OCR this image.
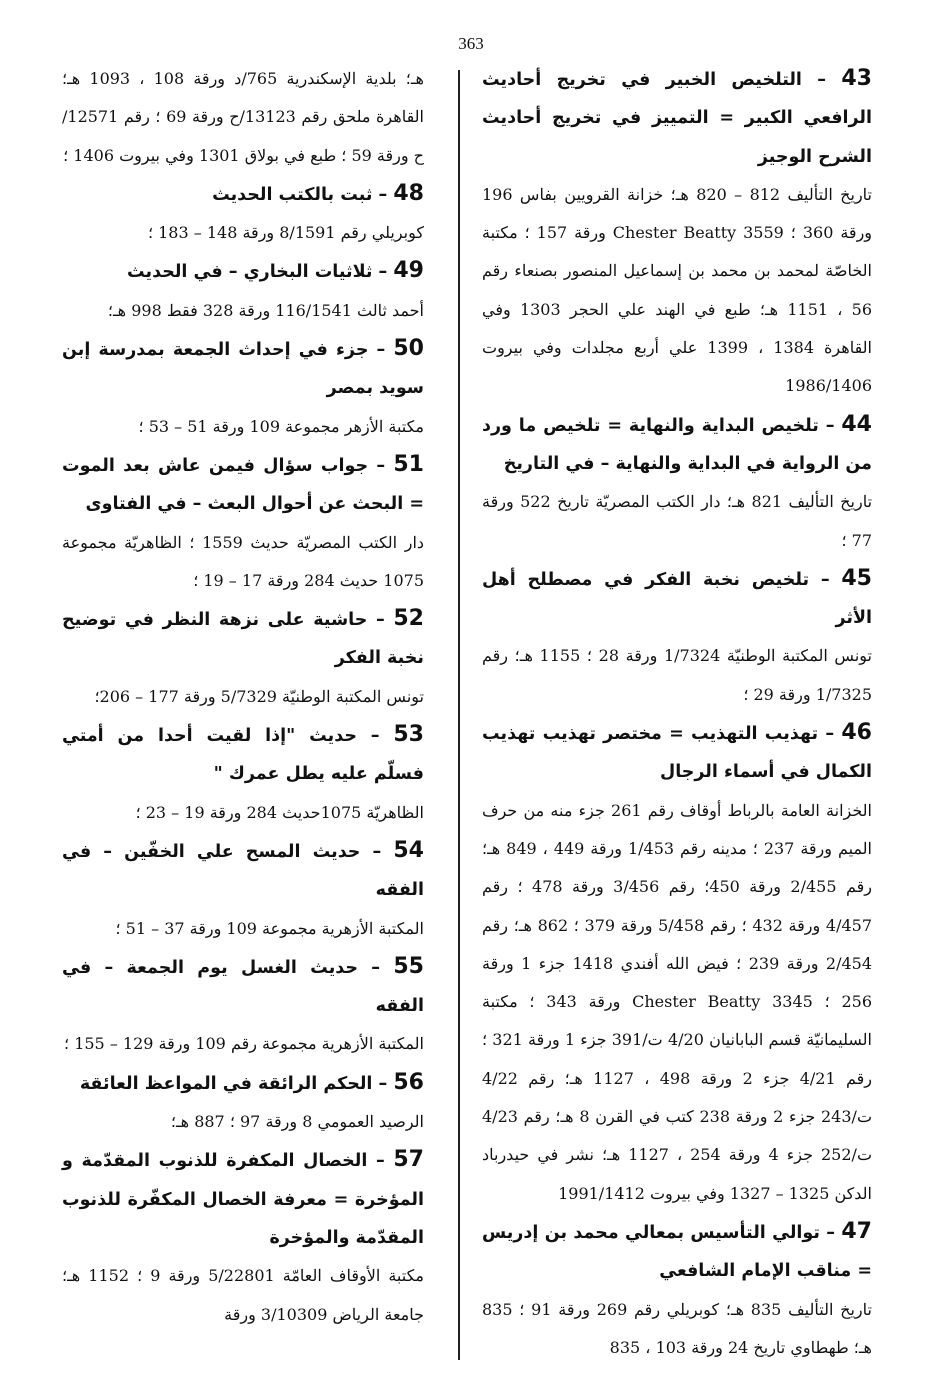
363

43 – التلخيص الخبير في تخريج أحاديث الرافعي الكبير = التمييز في تخريج أحاديث الشرح الوجيز

تاريخ التأليف 812 – 820 هـ؛ خزانة القرويين بفاس 196 ورقة 360 ؛ Chester Beatty 3559 ورقة 157 ؛ مكتبة الخاصّة لمحمد بن محمد بن إسماعيل المنصور بصنعاء رقم 56 ، 1151 هـ؛ طبع في الهند علي الحجر 1303 وفي القاهرة 1384 ، 1399 علي أربع مجلدات وفي بيروت 1986/1406

44 – تلخيص البداية والنهاية = تلخيص ما ورد من الرواية في البداية والنهاية – في التاريخ

تاريخ التأليف 821 هـ؛ دار الكتب المصريّة تاريخ 522 ورقة 77 ؛

45 – تلخيص نخبة الفكر في مصطلح أهل الأثر

تونس المكتبة الوطنيّة 1/7324 ورقة 28 ؛ 1155 هـ؛ رقم 1/7325 ورقة 29 ؛

46 – تهذيب التهذيب = مختصر تهذيب تهذيب الكمال في أسماء الرجال

الخزانة العامة بالرباط أوقاف رقم 261 جزء منه من حرف الميم ورقة 237 ؛ مدينه رقم 1/453 ورقة 449 ، 849 هـ؛ رقم 2/455 ورقة 450؛ رقم 3/456 ورقة 478 ؛ رقم 4/457 ورقة 432 ؛ رقم 5/458 ورقة 379 ؛ 862 هـ؛ رقم 2/454 ورقة 239 ؛ فيض الله أفندي 1418 جزء 1 ورقة 256 ؛ Chester Beatty 3345 ورقة 343 ؛ مكتبة السليمانيّة قسم البابانيان 4/20 ت/391 جزء 1 ورقة 321 ؛ رقم 4/21 جزء 2 ورقة 498 ، 1127 هـ؛ رقم 4/22 ت/243 جزء 2 ورقة 238 كتب في القرن 8 هـ؛ رقم 4/23 ت/252 جزء 4 ورقة 254 ، 1127 هـ؛ نشر في حيدرباد الدكن 1325 – 1327 وفي بيروت 1991/1412

47 – توالي التأسيس بمعالي محمد بن إدريس = مناقب الإمام الشافعي

تاريخ التأليف 835 هـ؛ كوبريلي رقم 269 ورقة 91 ؛ 835 هـ؛ طهطاوي تاريخ 24 ورقة 103 ، 835

هـ؛ بلدية الإسكندرية 765/د ورقة 108 ، 1093 هـ؛ القاهرة ملحق رقم 13123/ح ورقة 69 ؛ رقم 12571/ح ورقة 59 ؛ طبع في بولاق 1301 وفي بيروت 1406 ؛

48 – ثبت بالكتب الحديث

كوبريلي رقم 8/1591 ورقة 148 – 183 ؛

49 – ثلاثيات البخاري – في الحديث

أحمد ثالث 116/1541 ورقة 328 فقط 998 هـ؛

50 – جزء في إحداث الجمعة بمدرسة إبن سويد بمصر

مكتبة الأزهر مجموعة 109 ورقة 51 – 53 ؛

51 – جواب سؤال فيمن عاش بعد الموت = البحث عن أحوال البعث – في الفتاوى

دار الكتب المصريّة حديث 1559 ؛ الظاهريّة مجموعة 1075 حديث 284 ورقة 17 – 19 ؛

52 – حاشية على نزهة النظر في توضيح نخبة الفكر

تونس المكتبة الوطنيّة 5/7329 ورقة 177 – 206؛

53 – حديث "إذا لقيت أحدا من أمتي فسلّم عليه يطل عمرك "

الظاهريّة 1075حديث 284 ورقة 19 – 23 ؛

54 – حديث المسح علي الخفّين – في الفقه

المكتبة الأزهرية مجموعة 109 ورقة 37 – 51 ؛

55 – حديث الغسل يوم الجمعة – في الفقه

المكتبة الأزهرية مجموعة رقم 109 ورقة 129 – 155 ؛

56 – الحكم الرائقة في المواعظ العائقة

الرصيد العمومي 8 ورقة 97 ؛ 887 هـ؛

57 – الخصال المكفرة للذنوب المقدّمة و المؤخرة = معرفة الخصال المكفّرة للذنوب المقدّمة والمؤخرة

مكتبة الأوقاف العامّة 5/22801 ورقة 9 ؛ 1152 هـ؛ جامعة الرياض 3/10309 ورقة
